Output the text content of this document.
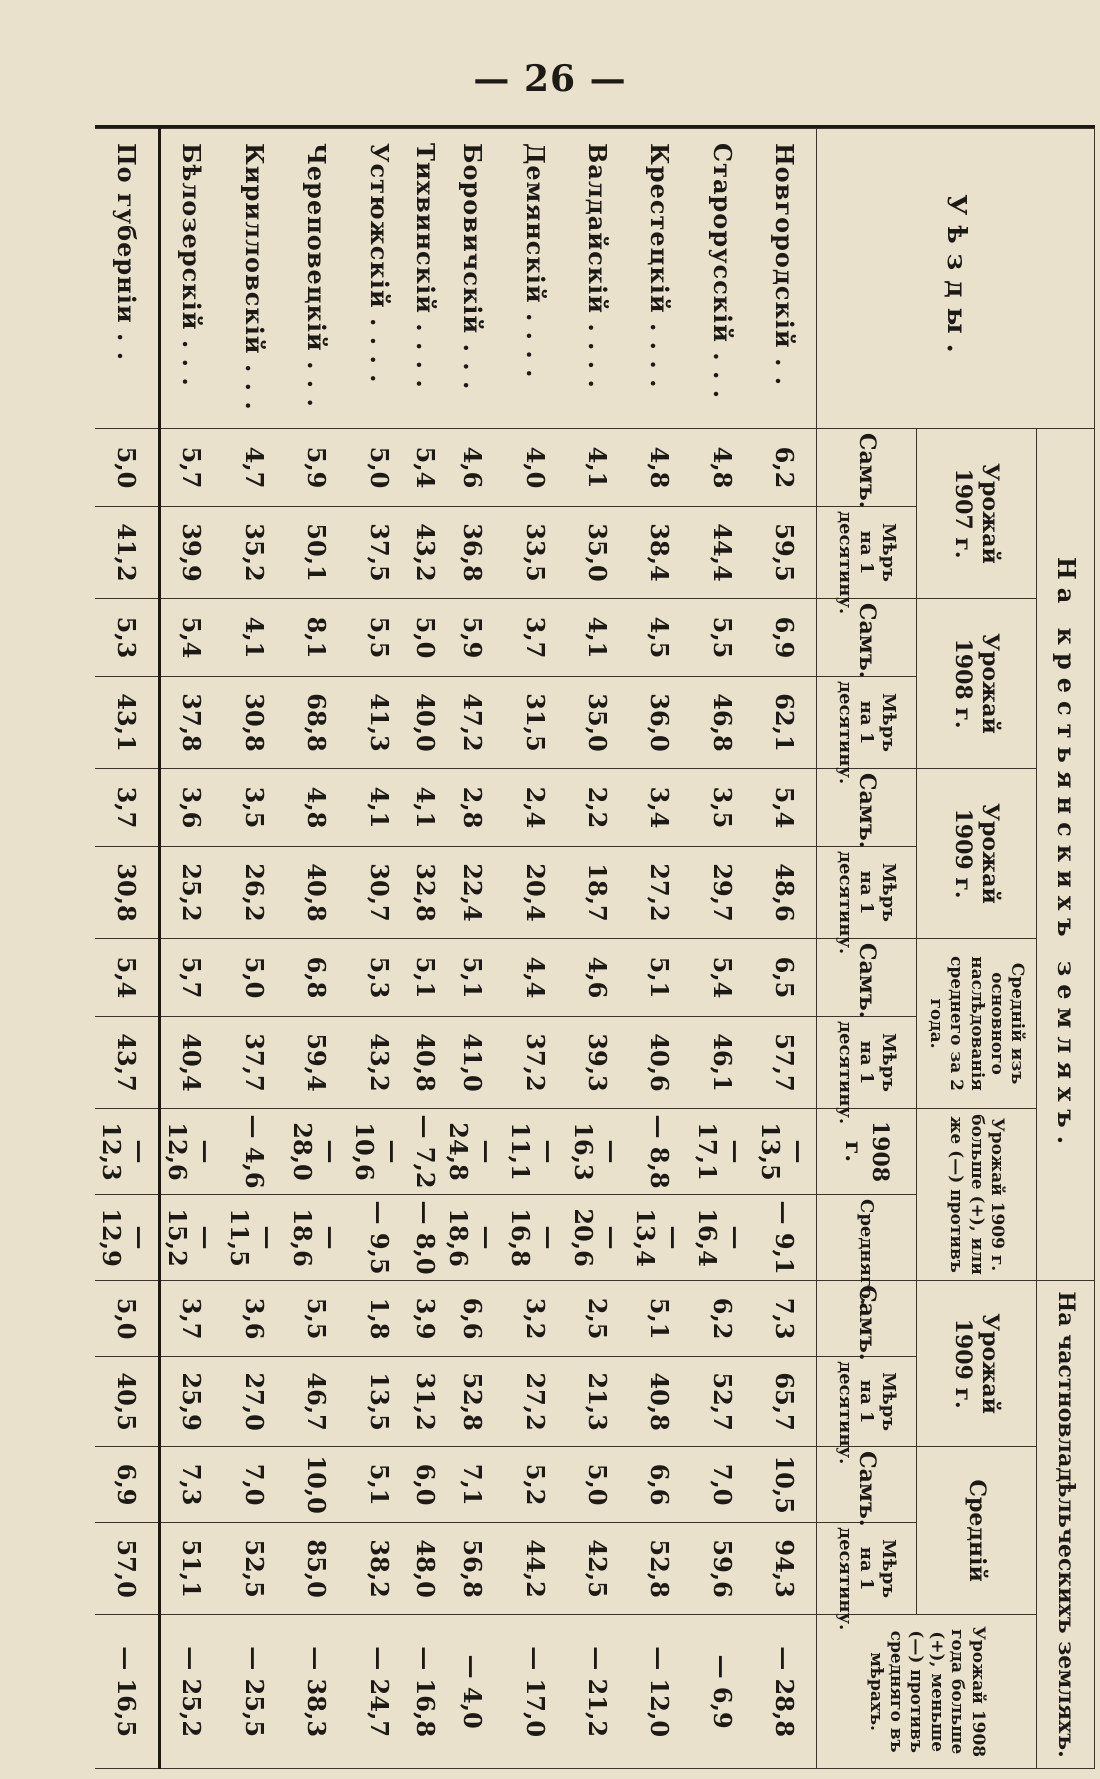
— 26 —
Уѣзды.	На крестьянскихъ земляхъ.										На частновладѣльческихъ земляхъ.				
	Урожай 1907 г.		Урожай 1908 г.		Урожай 1909 г.		Средній изъ основного наслѣдованія среднего за 2 года.		Урожай 1909 г. больше (+), или же (—) противъ		Урожай 1909 г.		Средній		Урожай 1908 года больше (+), меньше (—) противъ средняго въ мѣрахъ.
	Самъ.	Мѣръ на 1 десятину.	Самъ.	Мѣръ на 1 десятину.	Самъ.	Мѣръ на 1 десятину.	Самъ.	Мѣръ на 1 десятину.	1908 г.	Средняго.	Самъ.	Мѣръ на 1 десятину.	Самъ.	Мѣръ на 1 десятину.	
Новгородскій . .	6,2	59,5	6,9	62,1	5,4	48,6	6,5	57,7	— 13,5	— 9,1	7,3	65,7	10,5	94,3	— 28,8
Старорусскій . . .	4,8	44,4	5,5	46,8	3,5	29,7	5,4	46,1	— 17,1	— 16,4	6,2	52,7	7,0	59,6	— 6,9
Крестецкій . . . .	4,8	38,4	4,5	36,0	3,4	27,2	5,1	40,6	— 8,8	— 13,4	5,1	40,8	6,6	52,8	— 12,0
Валдайскій . . . .	4,1	35,0	4,1	35,0	2,2	18,7	4,6	39,3	— 16,3	— 20,6	2,5	21,3	5,0	42,5	— 21,2
Демянскій . . . .	4,0	33,5	3,7	31,5	2,4	20,4	4,4	37,2	— 11,1	— 16,8	3,2	27,2	5,2	44,2	— 17,0
Боровичскій . . .	4,6	36,8	5,9	47,2	2,8	22,4	5,1	41,0	— 24,8	— 18,6	6,6	52,8	7,1	56,8	— 4,0
Тихвинскій . . . .	5,4	43,2	5,0	40,0	4,1	32,8	5,1	40,8	— 7,2	— 8,0	3,9	31,2	6,0	48,0	— 16,8
Устюжскій . . . .	5,0	37,5	5,5	41,3	4,1	30,7	5,3	43,2	— 10,6	— 9,5	1,8	13,5	5,1	38,2	— 24,7
Череповецкій . . .	5,9	50,1	8,1	68,8	4,8	40,8	6,8	59,4	— 28,0	— 18,6	5,5	46,7	10,0	85,0	— 38,3
Кирилловскій . . .	4,7	35,2	4,1	30,8	3,5	26,2	5,0	37,7	— 4,6	— 11,5	3,6	27,0	7,0	52,5	— 25,5
Бѣлозерскій . . .	5,7	39,9	5,4	37,8	3,6	25,2	5,7	40,4	— 12,6	— 15,2	3,7	25,9	7,3	51,1	— 25,2
По губерніи . .	5,0	41,2	5,3	43,1	3,7	30,8	5,4	43,7	— 12,3	— 12,9	5,0	40,5	6,9	57,0	— 16,5
